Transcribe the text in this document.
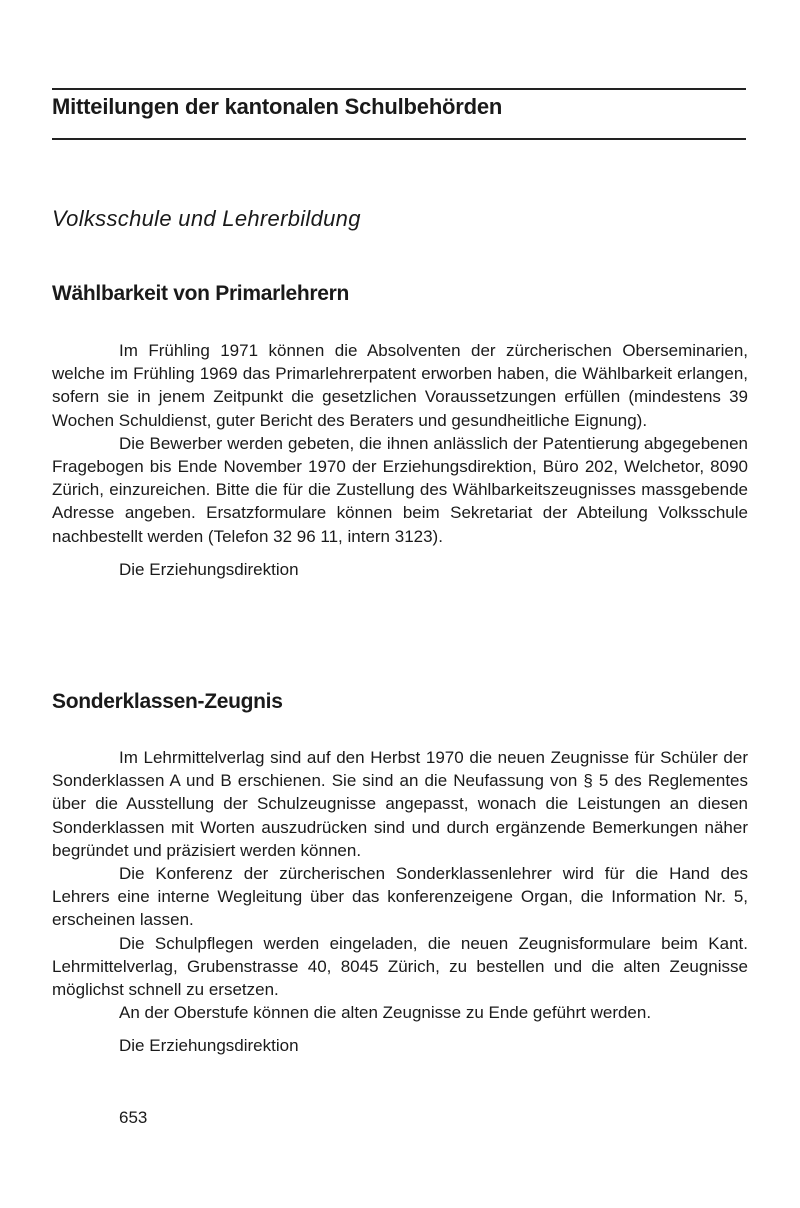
Mitteilungen der kantonalen Schulbehörden
Volksschule und Lehrerbildung
Wählbarkeit von Primarlehrern

Im Frühling 1971 können die Absolventen der zürcherischen Oberseminarien, welche im Frühling 1969 das Primarlehrerpatent erworben haben, die Wählbarkeit erlangen, sofern sie in jenem Zeitpunkt die gesetzlichen Voraussetzungen erfüllen (mindestens 39 Wochen Schuldienst, guter Bericht des Beraters und gesundheitliche Eignung).

Die Bewerber werden gebeten, die ihnen anlässlich der Patentierung abgegebenen Fragebogen bis Ende November 1970 der Erziehungsdirektion, Büro 202, Welchetor, 8090 Zürich, einzureichen. Bitte die für die Zustellung des Wählbarkeitszeugnisses massgebende Adresse angeben. Ersatzformulare können beim Sekretariat der Abteilung Volksschule nachbestellt werden (Telefon 32 96 11, intern 3123).

Die Erziehungsdirektion

Sonderklassen-Zeugnis

Im Lehrmittelverlag sind auf den Herbst 1970 die neuen Zeugnisse für Schüler der Sonderklassen A und B erschienen. Sie sind an die Neufassung von § 5 des Reglementes über die Ausstellung der Schulzeugnisse angepasst, wonach die Leistungen an diesen Sonderklassen mit Worten auszudrücken sind und durch ergänzende Bemerkungen näher begründet und präzisiert werden können.

Die Konferenz der zürcherischen Sonderklassenlehrer wird für die Hand des Lehrers eine interne Wegleitung über das konferenzeigene Organ, die Information Nr. 5, erscheinen lassen.

Die Schulpflegen werden eingeladen, die neuen Zeugnisformulare beim Kant. Lehrmittelverlag, Grubenstrasse 40, 8045 Zürich, zu bestellen und die alten Zeugnisse möglichst schnell zu ersetzen.

An der Oberstufe können die alten Zeugnisse zu Ende geführt werden.

Die Erziehungsdirektion

653
